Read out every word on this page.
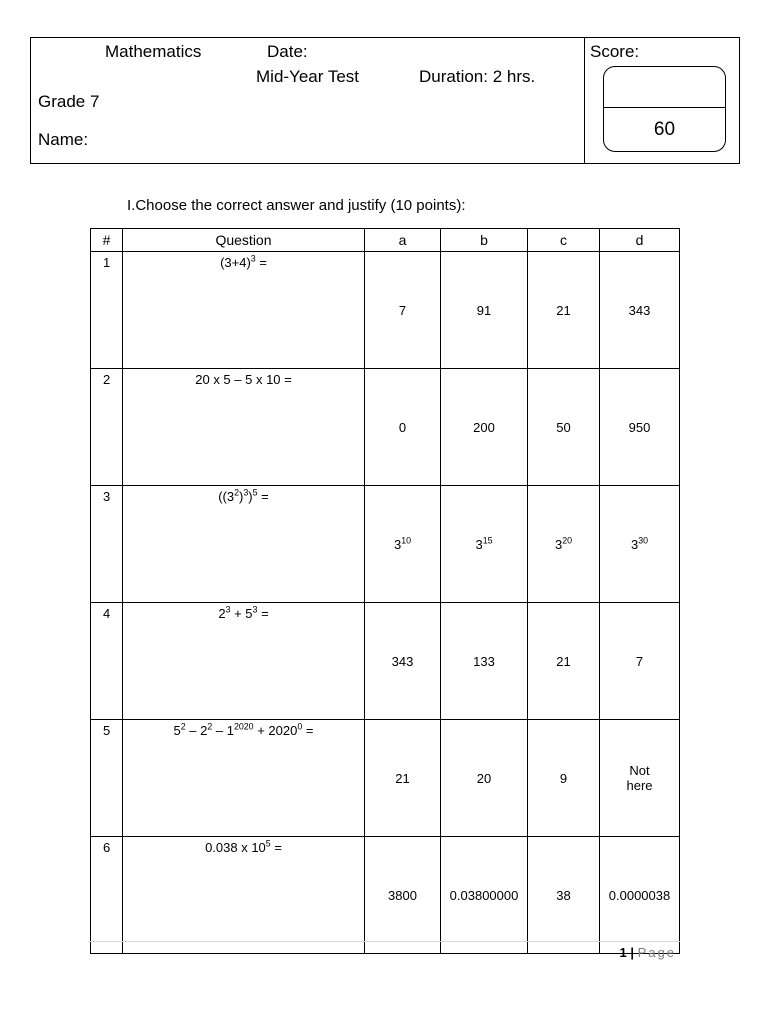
Mathematics	Date:
Mid-Year Test	Duration: 2 hrs.
Grade 7
Name:
Score:
60
I.Choose the correct answer and justify (10 points):
#	Question	a	b	c	d
1	$(3+4)^3$ =	7	91	21	343
2	20 x 5 – 5 x 10 =	0	200	50	950
3	$((3^2)^3)^5$ =	$3^{10}$	$3^{15}$	$3^{20}$	$3^{30}$
4	$2^3 + 5^3$ =	343	133	21	7
5	$5^2 - 2^2 - 1^{2020} + 2020^0$ =	21	20	9	Not
here
6	0.038 x $10^5$ =	3800	0.03800000	38	0.0000038
1 | Page
